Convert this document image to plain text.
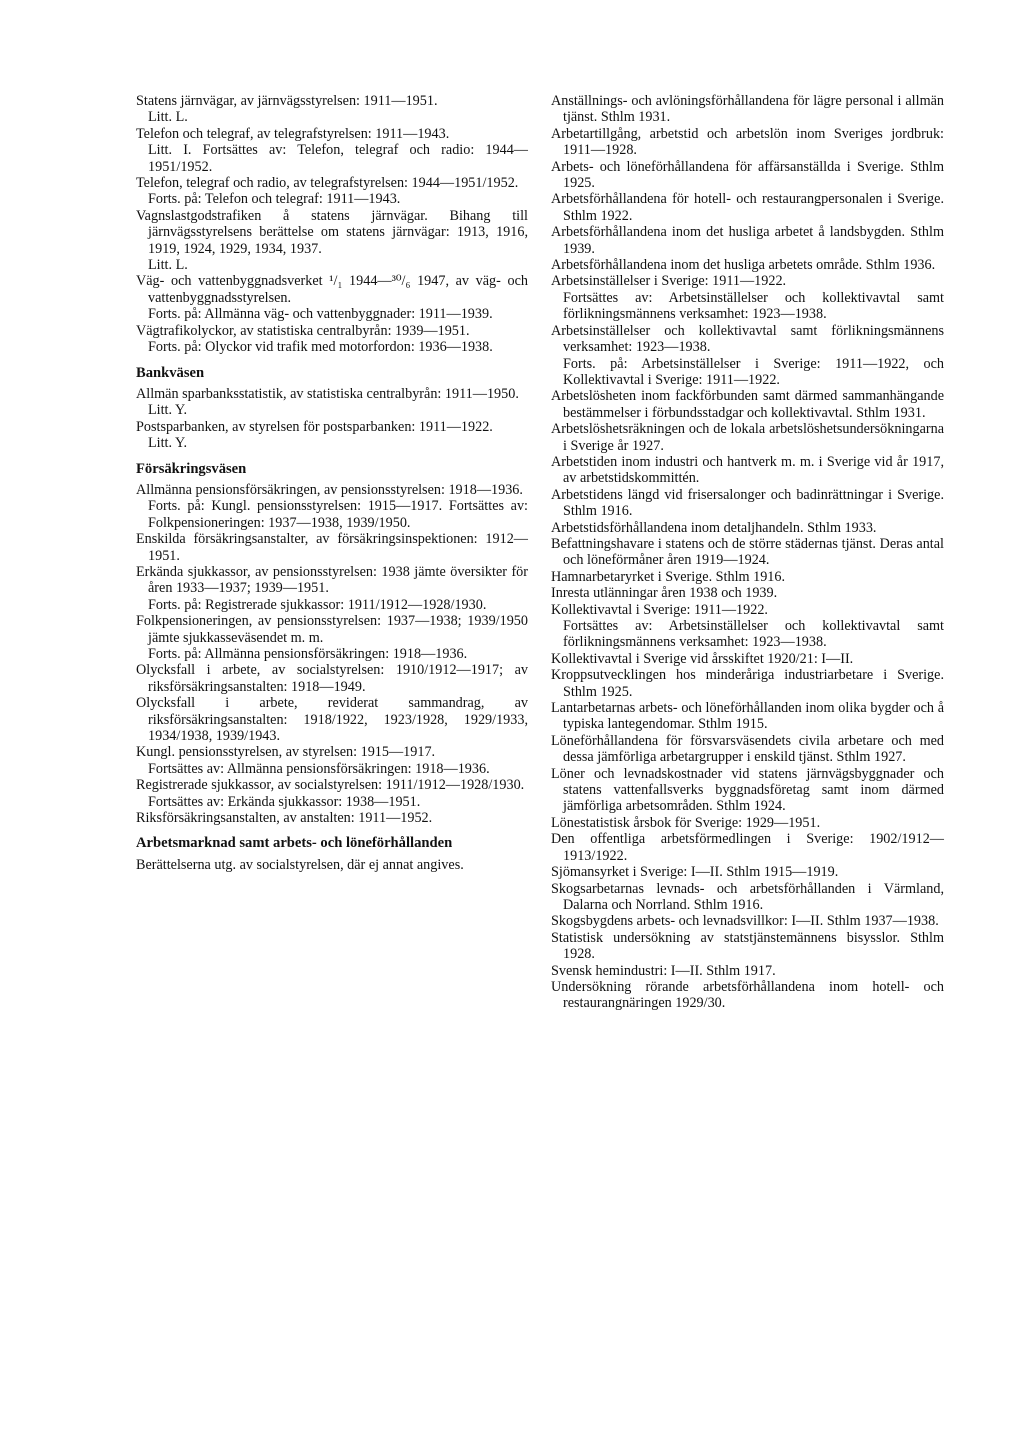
Statens järnvägar, av järnvägsstyrelsen: 1911—1951.

Litt. L.

Telefon och telegraf, av telegrafstyrelsen: 1911—1943.

Litt. I. Fortsättes av: Telefon, telegraf och radio: 1944—1951/1952.

Telefon, telegraf och radio, av telegrafstyrelsen: 1944—1951/1952.

Forts. på: Telefon och telegraf: 1911—1943.

Vagnslastgodstrafiken å statens järnvägar. Bihang till järnvägsstyrelsens berättelse om statens järnvägar: 1913, 1916, 1919, 1924, 1929, 1934, 1937.

Litt. L.

Väg- och vattenbyggnadsverket ¹/₁ 1944—³⁰/₆ 1947, av väg- och vattenbyggnadsstyrelsen.

Forts. på: Allmänna väg- och vattenbyggnader: 1911—1939.

Vägtrafikolyckor, av statistiska centralbyrån: 1939—1951.

Forts. på: Olyckor vid trafik med motorfordon: 1936—1938.

Bankväsen

Allmän sparbanksstatistik, av statistiska centralbyrån: 1911—1950.

Litt. Y.

Postsparbanken, av styrelsen för postsparbanken: 1911—1922.

Litt. Y.

Försäkringsväsen

Allmänna pensionsförsäkringen, av pensionsstyrelsen: 1918—1936.

Forts. på: Kungl. pensionsstyrelsen: 1915—1917. Fortsättes av: Folkpensioneringen: 1937—1938, 1939/1950.

Enskilda försäkringsanstalter, av försäkringsinspektionen: 1912—1951.

Erkända sjukkassor, av pensionsstyrelsen: 1938 jämte översikter för åren 1933—1937; 1939—1951.

Forts. på: Registrerade sjukkassor: 1911/1912—1928/1930.

Folkpensioneringen, av pensionsstyrelsen: 1937—1938; 1939/1950 jämte sjukkasseväsendet m. m.

Forts. på: Allmänna pensionsförsäkringen: 1918—1936.

Olycksfall i arbete, av socialstyrelsen: 1910/1912—1917; av riksförsäkringsanstalten: 1918—1949.

Olycksfall i arbete, reviderat sammandrag, av riksförsäkringsanstalten: 1918/1922, 1923/1928, 1929/1933, 1934/1938, 1939/1943.

Kungl. pensionsstyrelsen, av styrelsen: 1915—1917.

Fortsättes av: Allmänna pensionsförsäkringen: 1918—1936.

Registrerade sjukkassor, av socialstyrelsen: 1911/1912—1928/1930.

Fortsättes av: Erkända sjukkassor: 1938—1951.

Riksförsäkringsanstalten, av anstalten: 1911—1952.

Arbetsmarknad samt arbets- och löneförhållanden

Berättelserna utg. av socialstyrelsen, där ej annat angives.

Anställnings- och avlöningsförhållandena för lägre personal i allmän tjänst. Sthlm 1931.

Arbetartillgång, arbetstid och arbetslön inom Sveriges jordbruk: 1911—1928.

Arbets- och löneförhållandena för affärsanställda i Sverige. Sthlm 1925.

Arbetsförhållandena för hotell- och restaurangpersonalen i Sverige. Sthlm 1922.

Arbetsförhållandena inom det husliga arbetet å landsbygden. Sthlm 1939.

Arbetsförhållandena inom det husliga arbetets område. Sthlm 1936.

Arbetsinställelser i Sverige: 1911—1922.

Fortsättes av: Arbetsinställelser och kollektivavtal samt förlikningsmännens verksamhet: 1923—1938.

Arbetsinställelser och kollektivavtal samt förlikningsmännens verksamhet: 1923—1938.

Forts. på: Arbetsinställelser i Sverige: 1911—1922, och Kollektivavtal i Sverige: 1911—1922.

Arbetslösheten inom fackförbunden samt därmed sammanhängande bestämmelser i förbundsstadgar och kollektivavtal. Sthlm 1931.

Arbetslöshetsräkningen och de lokala arbetslöshetsundersökningarna i Sverige år 1927.

Arbetstiden inom industri och hantverk m. m. i Sverige vid år 1917, av arbetstidskommittén.

Arbetstidens längd vid frisersalonger och badinrättningar i Sverige. Sthlm 1916.

Arbetstidsförhållandena inom detaljhandeln. Sthlm 1933.

Befattningshavare i statens och de större städernas tjänst. Deras antal och löneförmåner åren 1919—1924.

Hamnarbetaryrket i Sverige. Sthlm 1916.

Inresta utlänningar åren 1938 och 1939.

Kollektivavtal i Sverige: 1911—1922.

Fortsättes av: Arbetsinställelser och kollektivavtal samt förlikningsmännens verksamhet: 1923—1938.

Kollektivavtal i Sverige vid årsskiftet 1920/21: I—II.

Kroppsutvecklingen hos minderåriga industriarbetare i Sverige. Sthlm 1925.

Lantarbetarnas arbets- och löneförhållanden inom olika bygder och å typiska lantegendomar. Sthlm 1915.

Löneförhållandena för försvarsväsendets civila arbetare och med dessa jämförliga arbetargrupper i enskild tjänst. Sthlm 1927.

Löner och levnadskostnader vid statens järnvägsbyggnader och statens vattenfallsverks byggnadsföretag samt inom därmed jämförliga arbetsområden. Sthlm 1924.

Lönestatistisk årsbok för Sverige: 1929—1951.

Den offentliga arbetsförmedlingen i Sverige: 1902/1912—1913/1922.

Sjömansyrket i Sverige: I—II. Sthlm 1915—1919.

Skogsarbetarnas levnads- och arbetsförhållanden i Värmland, Dalarna och Norrland. Sthlm 1916.

Skogsbygdens arbets- och levnadsvillkor: I—II. Sthlm 1937—1938.

Statistisk undersökning av statstjänstemännens bisysslor. Sthlm 1928.

Svensk hemindustri: I—II. Sthlm 1917.

Undersökning rörande arbetsförhållandena inom hotell- och restaurangnäringen 1929/30.
